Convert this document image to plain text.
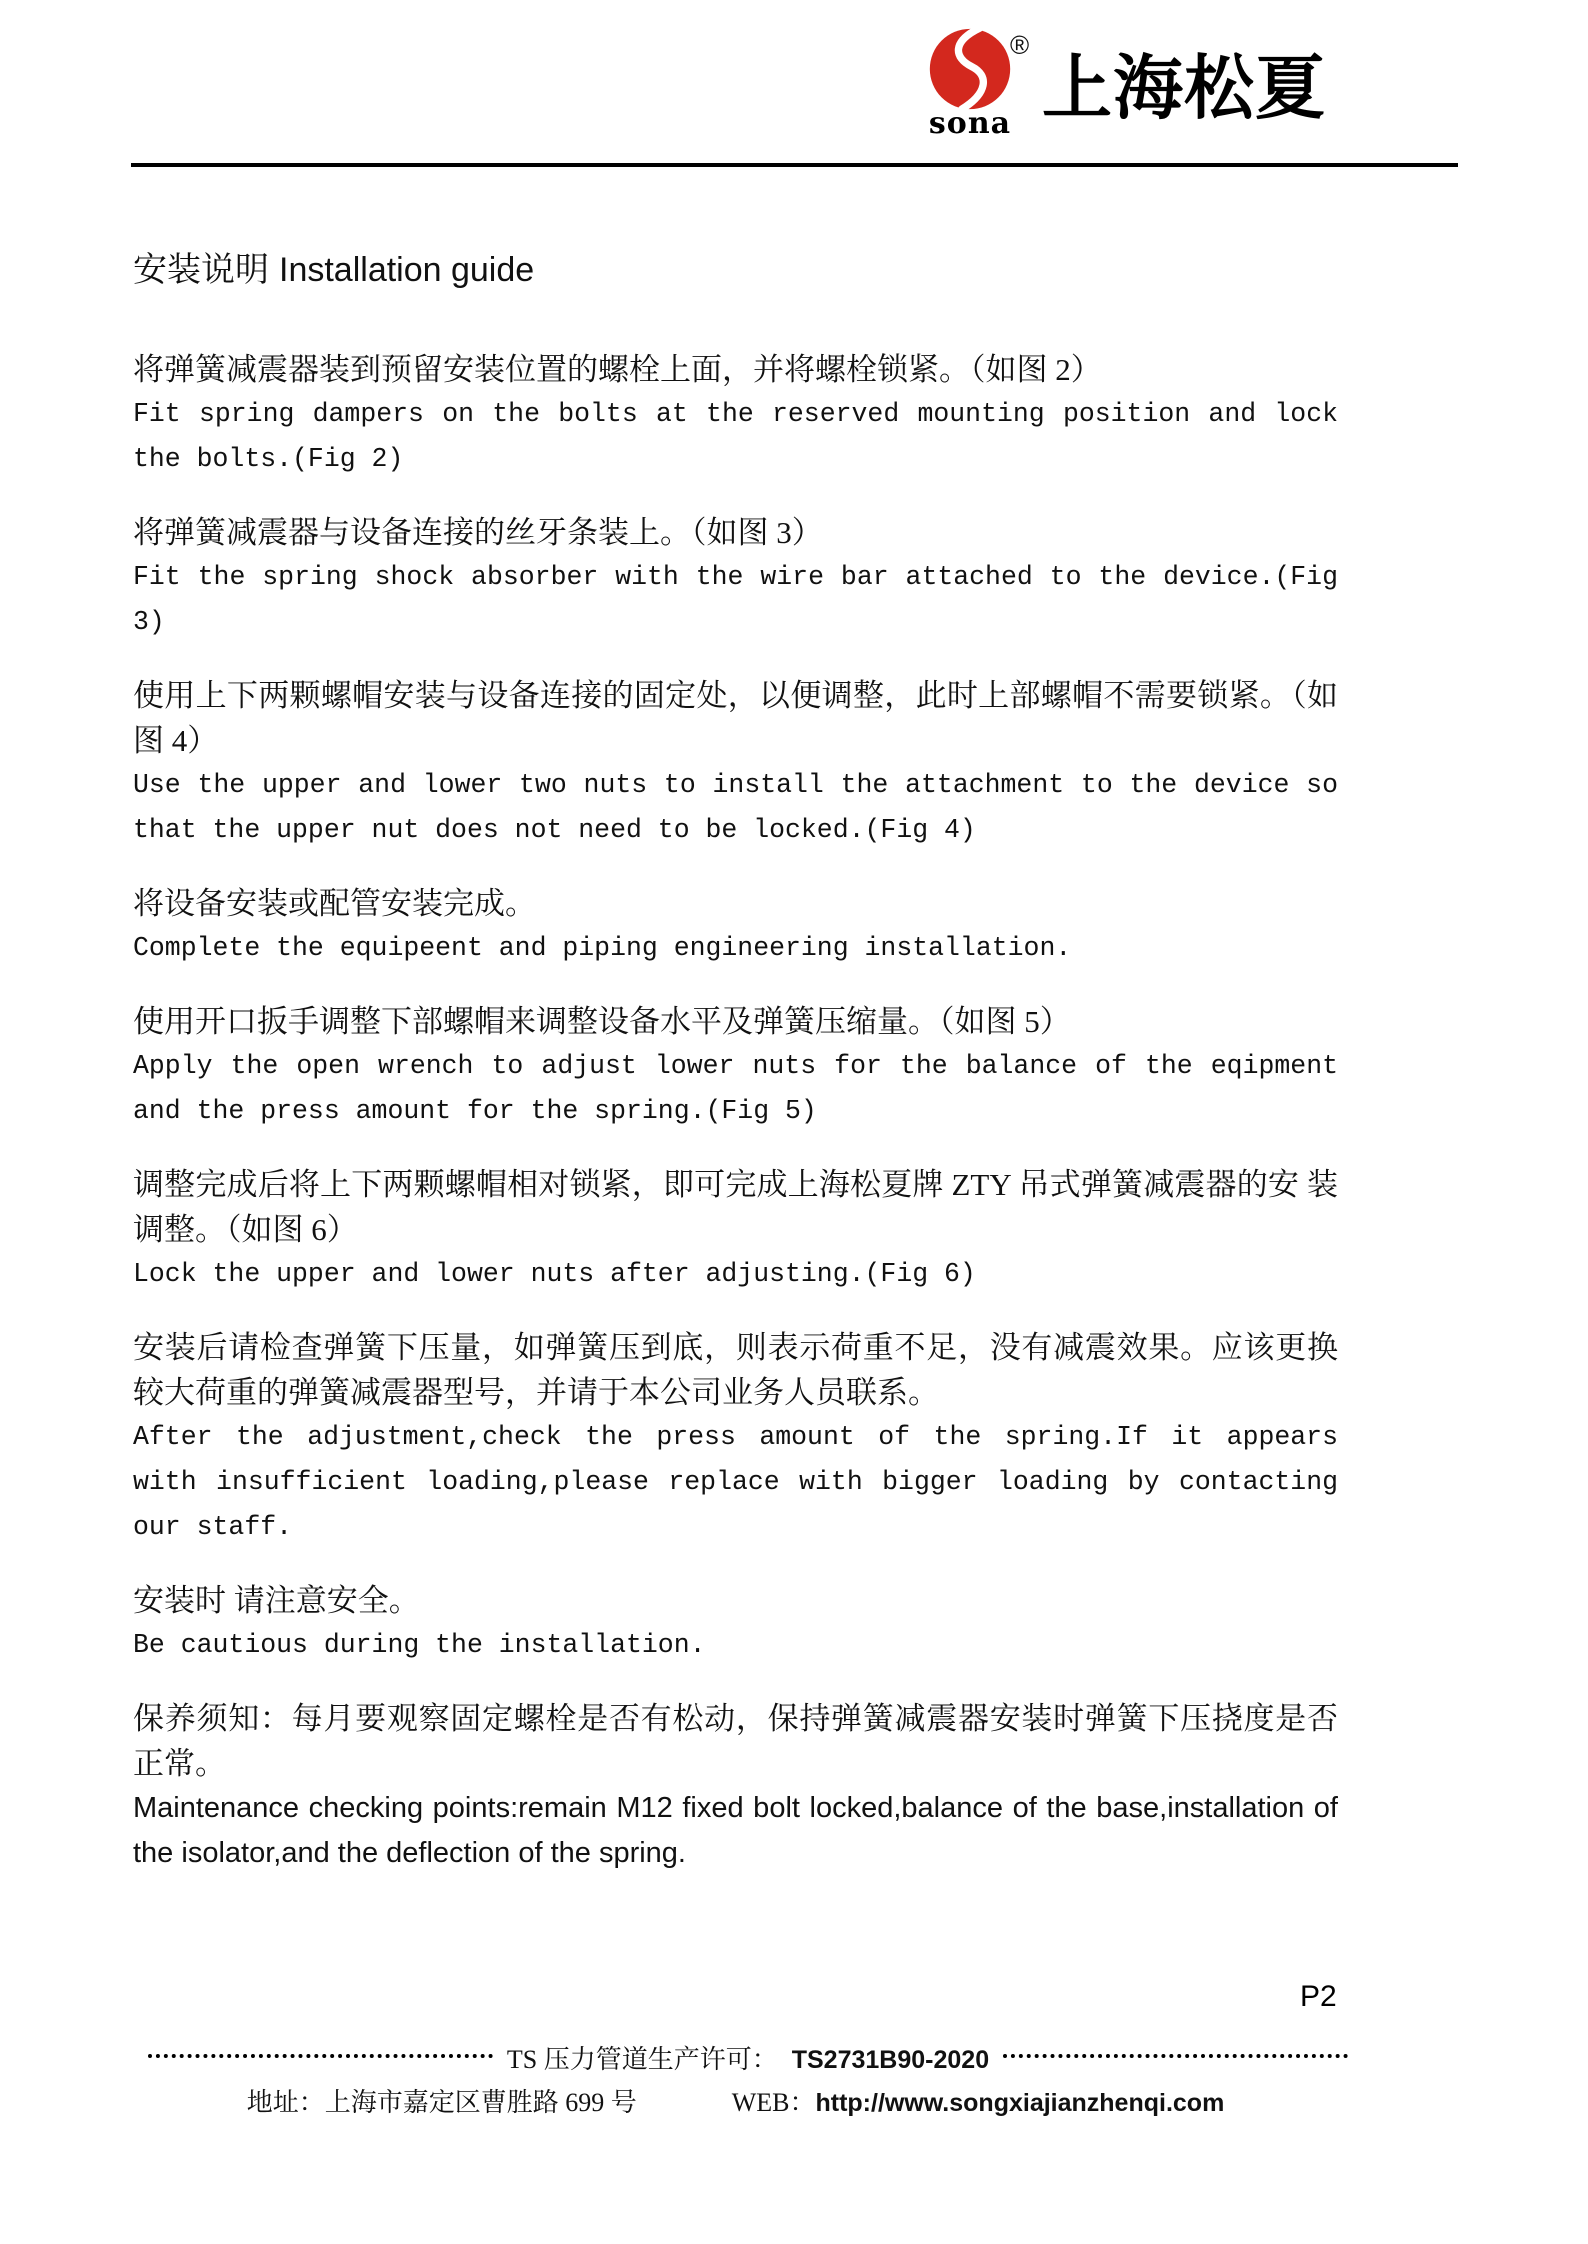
sona
®
上海松夏
安装说明 Installation guide

将弹簧减震器装到预留安装位置的螺栓上面，并将螺栓锁紧。（如图 2）

Fit spring dampers on the bolts at the reserved mounting position and lock the bolts.(Fig 2)

将弹簧减震器与设备连接的丝牙条装上。（如图 3）

Fit the spring shock absorber with the wire bar attached to the device.(Fig 3)

使用上下两颗螺帽安装与设备连接的固定处，以便调整，此时上部螺帽不需要锁紧。（如图 4）

Use the upper and lower two nuts to install the attachment to the device so that the upper nut does not need to be locked.(Fig 4)

将设备安装或配管安装完成。

Complete the equipeent and piping engineering installation.

使用开口扳手调整下部螺帽来调整设备水平及弹簧压缩量。（如图 5）

Apply the open wrench to adjust lower nuts for the balance of the eqipment and the press amount for the spring.(Fig 5)

调整完成后将上下两颗螺帽相对锁紧，即可完成上海松夏牌 ZTY 吊式弹簧减震器的安 装调整。（如图 6）

Lock the upper and lower nuts after adjusting.(Fig 6)

安装后请检查弹簧下压量，如弹簧压到底，则表示荷重不足，没有减震效果。应该更换较大荷重的弹簧减震器型号，并请于本公司业务人员联系。

After the adjustment,check the press amount of the spring.If it appears with insufficient loading,please replace with bigger loading by contacting our staff.

安装时 请注意安全。

Be cautious during the installation.

保养须知：每月要观察固定螺栓是否有松动，保持弹簧减震器安装时弹簧下压挠度是否正常。

Maintenance checking points:remain M12 fixed bolt locked,balance of the base,installation of the isolator,and the deflection of the spring.

P2
TS 压力管道生产许可： TS2731B90-2020
地址：上海市嘉定区曹胜路 699 号	WEB：http://www.songxiajianzhenqi.com
